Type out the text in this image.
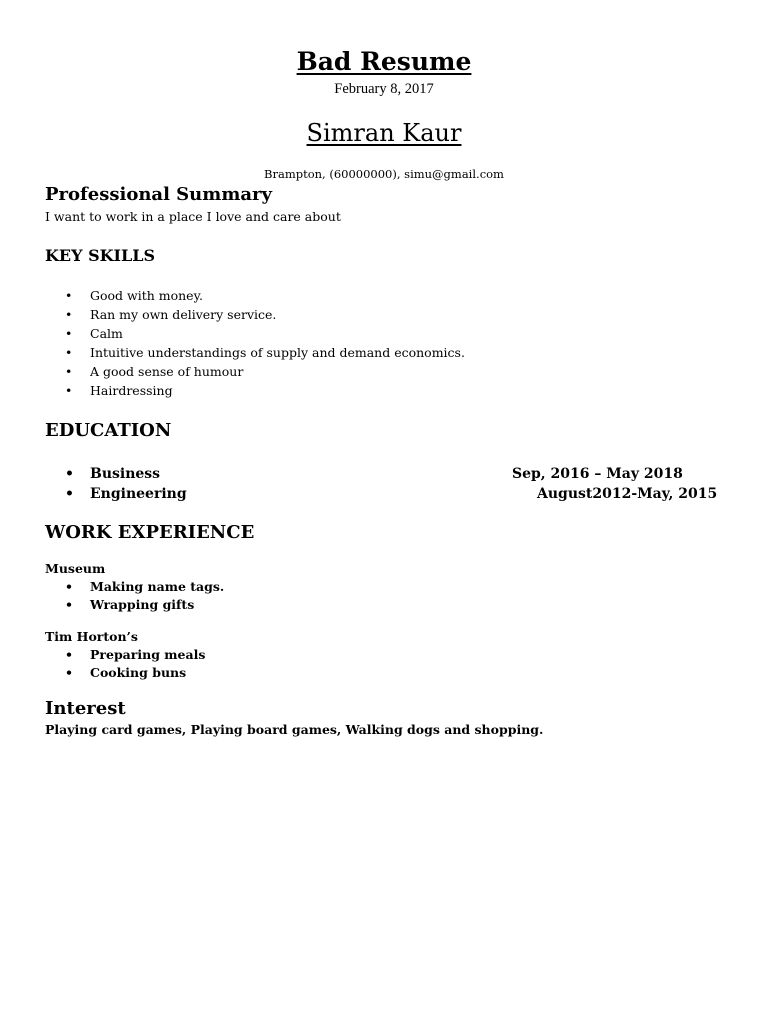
Bad Resume
February 8, 2017
Simran Kaur
Brampton, (60000000), simu@gmail.com
Professional Summary
I want to work in a place I love and care about
KEY SKILLS
• Good with money.
• Ran my own delivery service.
• Calm
• Intuitive understandings of supply and demand economics.
• A good sense of humour
• Hairdressing
EDUCATION
• Business	Sep, 2016 – May 2018
• Engineering	August2012-May, 2015
WORK EXPERIENCE
Museum
• Making name tags.
• Wrapping gifts
Tim Horton’s
• Preparing meals
• Cooking buns
Interest
Playing card games, Playing board games, Walking dogs and shopping.
